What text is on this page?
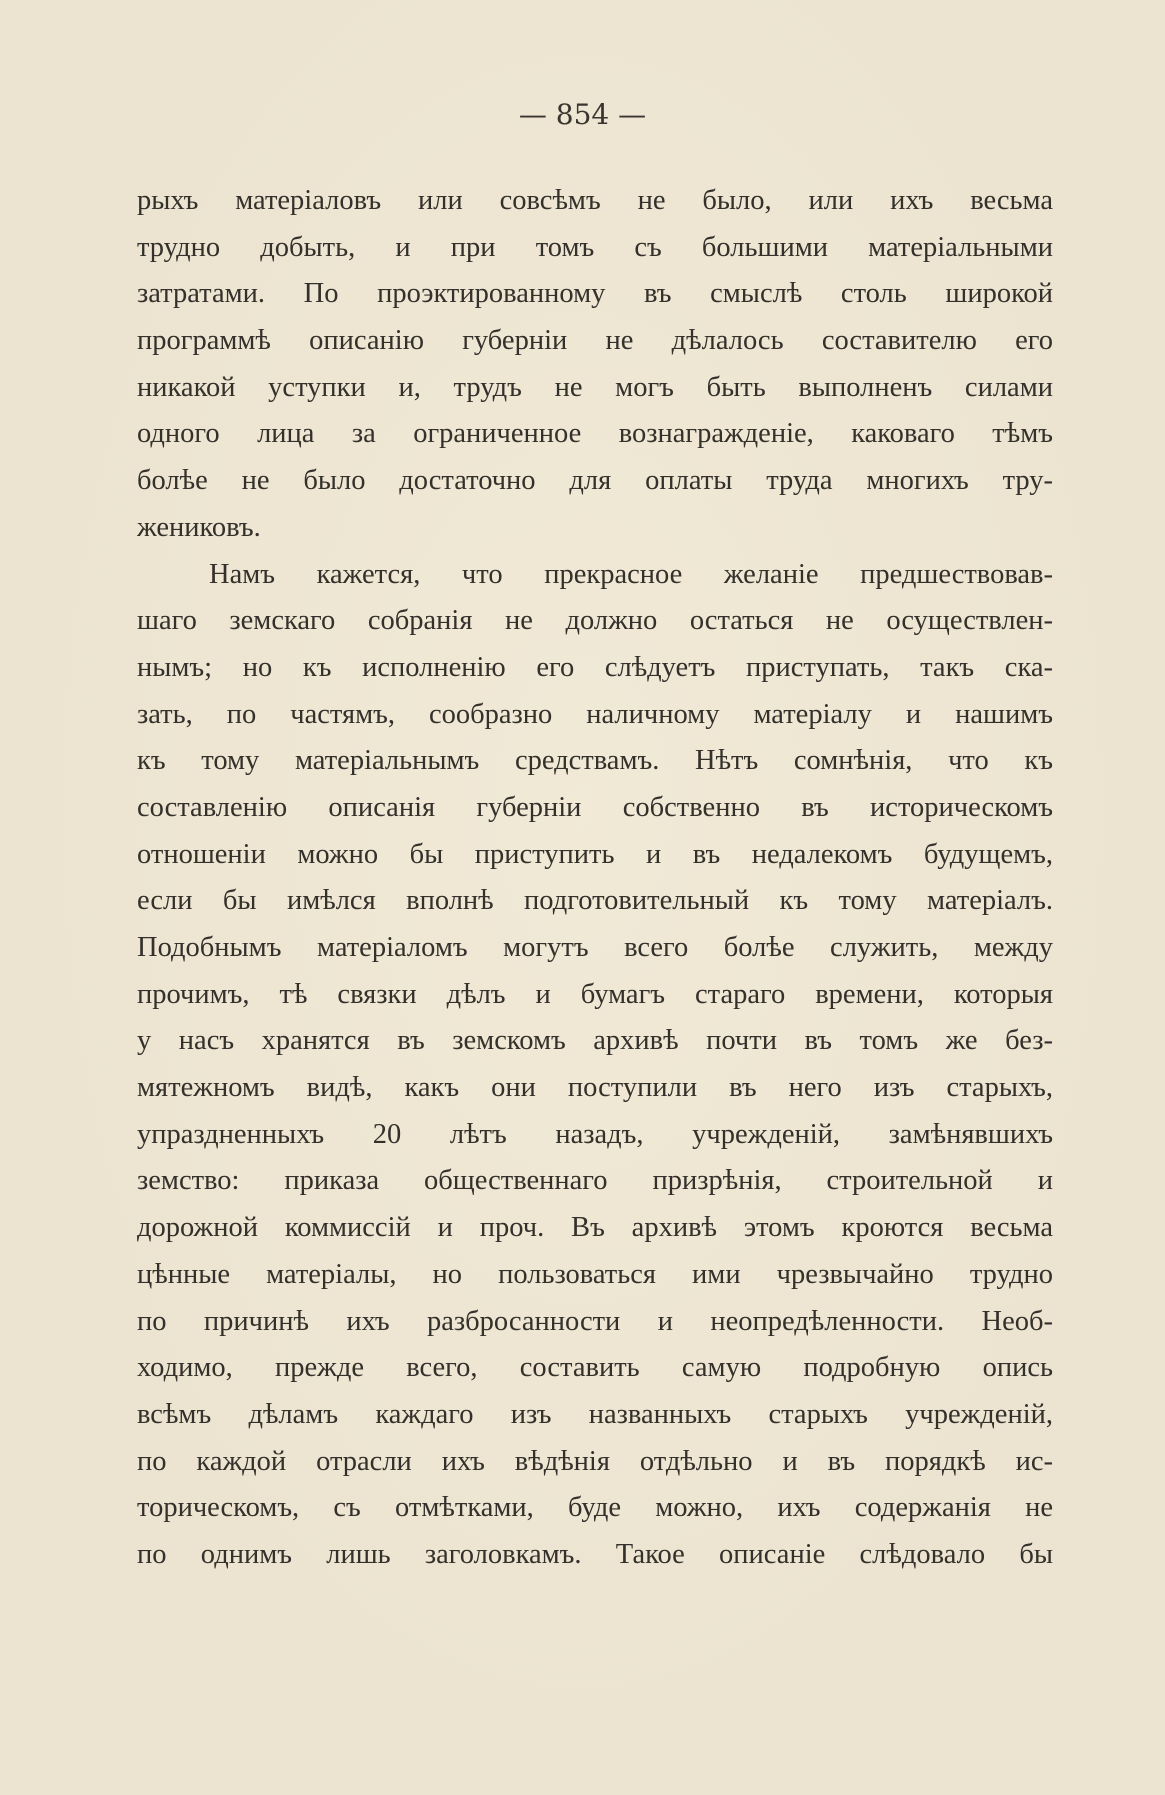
— 854 —
рыхъ матеріаловъ или совсѣмъ не было, или ихъ весьма
трудно добыть, и при томъ съ большими матеріальными
затратами. По проэктированному въ смыслѣ столь широкой
программѣ описанію губерніи не дѣлалось составителю его
никакой уступки и, трудъ не могъ быть выполненъ силами
одного лица за ограниченное вознагражденіе, каковаго тѣмъ
болѣе не было достаточно для оплаты труда многихъ тру-
жениковъ.
Намъ кажется, что прекрасное желаніе предшествовав-
шаго земскаго собранія не должно остаться не осуществлен-
нымъ; но къ исполненію его слѣдуетъ приступать, такъ ска-
зать, по частямъ, сообразно наличному матеріалу и нашимъ
къ тому матеріальнымъ средствамъ. Нѣтъ сомнѣнія, что къ
составленію описанія губерніи собственно въ историческомъ
отношеніи можно бы приступить и въ недалекомъ будущемъ,
если бы имѣлся вполнѣ подготовительный къ тому матеріалъ.
Подобнымъ матеріаломъ могутъ всего болѣе служить, между
прочимъ, тѣ связки дѣлъ и бумагъ стараго времени, которыя
у насъ хранятся въ земскомъ архивѣ почти въ томъ же без-
мятежномъ видѣ, какъ они поступили въ него изъ старыхъ,
упраздненныхъ 20 лѣтъ назадъ, учрежденій, замѣнявшихъ
земство: приказа общественнаго призрѣнія, строительной и
дорожной коммиссій и проч. Въ архивѣ этомъ кроются весьма
цѣнные матеріалы, но пользоваться ими чрезвычайно трудно
по причинѣ ихъ разбросанности и неопредѣленности. Необ-
ходимо, прежде всего, составить самую подробную опись
всѣмъ дѣламъ каждаго изъ названныхъ старыхъ учрежденій,
по каждой отрасли ихъ вѣдѣнія отдѣльно и въ порядкѣ ис-
торическомъ, съ отмѣтками, буде можно, ихъ содержанія не
по однимъ лишь заголовкамъ. Такое описаніе слѣдовало бы
